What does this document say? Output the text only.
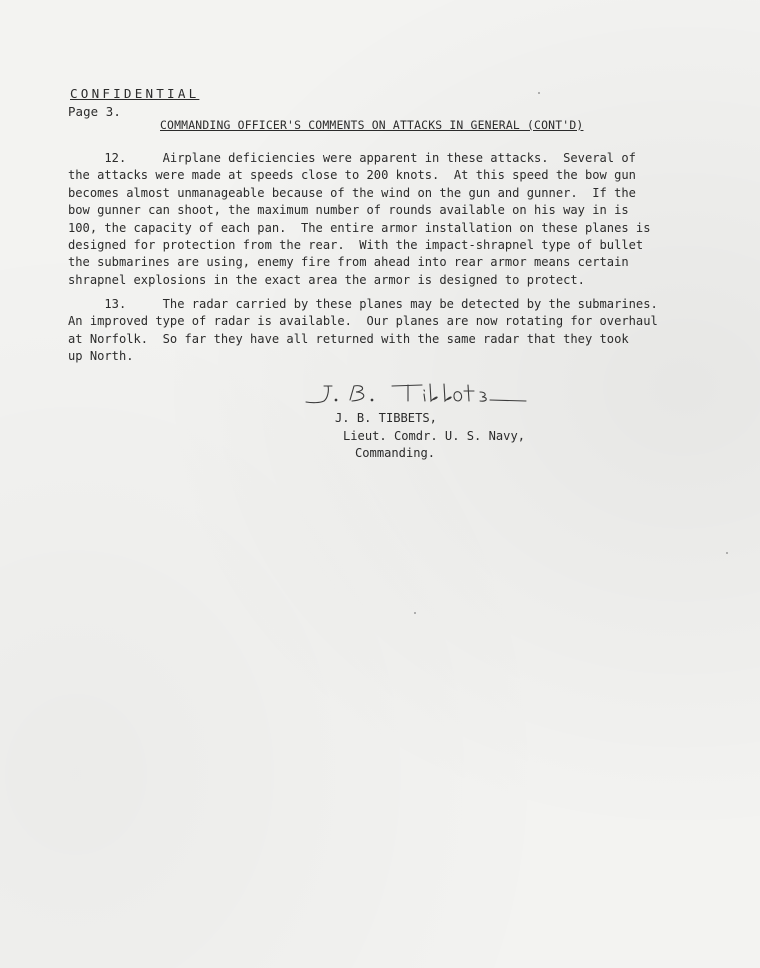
CONFIDENTIAL
Page 3.
COMMANDING OFFICER'S COMMENTS ON ATTACKS IN GENERAL (CONT'D)
12.     Airplane deficiencies were apparent in these attacks.  Several of
the attacks were made at speeds close to 200 knots.  At this speed the bow gun
becomes almost unmanageable because of the wind on the gun and gunner.  If the
bow gunner can shoot, the maximum number of rounds available on his way in is
100, the capacity of each pan.  The entire armor installation on these planes is
designed for protection from the rear.  With the impact-shrapnel type of bullet
the submarines are using, enemy fire from ahead into rear armor means certain
shrapnel explosions in the exact area the armor is designed to protect.
13.     The radar carried by these planes may be detected by the submarines.
An improved type of radar is available.  Our planes are now rotating for overhaul
at Norfolk.  So far they have all returned with the same radar that they took
up North.
J. B. TIBBETS,
Lieut. Comdr. U. S. Navy,
Commanding.
